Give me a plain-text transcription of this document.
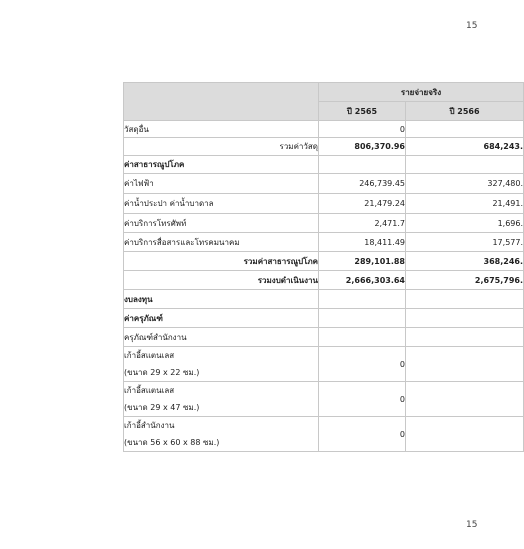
15
	รายจ่ายจริง	
	ปี 2565	ปี 2566
วัสดุอื่น	0	
รวมค่าวัสดุ	806,370.96	684,243.
ค่าสาธารณูปโภค		
ค่าไฟฟ้า	246,739.45	327,480.
ค่าน้ำประปา ค่าน้ำบาดาล	21,479.24	21,491.
ค่าบริการโทรศัพท์	2,471.7	1,696.
ค่าบริการสื่อสารและโทรคมนาคม	18,411.49	17,577.
รวมค่าสาธารณูปโภค	289,101.88	368,246.
รวมงบดำเนินงาน	2,666,303.64	2,675,796.
งบลงทุน		
ค่าครุภัณฑ์		
ครุภัณฑ์สำนักงาน		

เก้าอี้สแตนเลส
(ขนาด 29 x 22 ซม.)	0	

เก้าอี้สแตนเลส
(ขนาด 29 x 47 ซม.)	0	

เก้าอี้สำนักงาน
(ขนาด 56 x 60 x 88 ซม.)	0	
15
